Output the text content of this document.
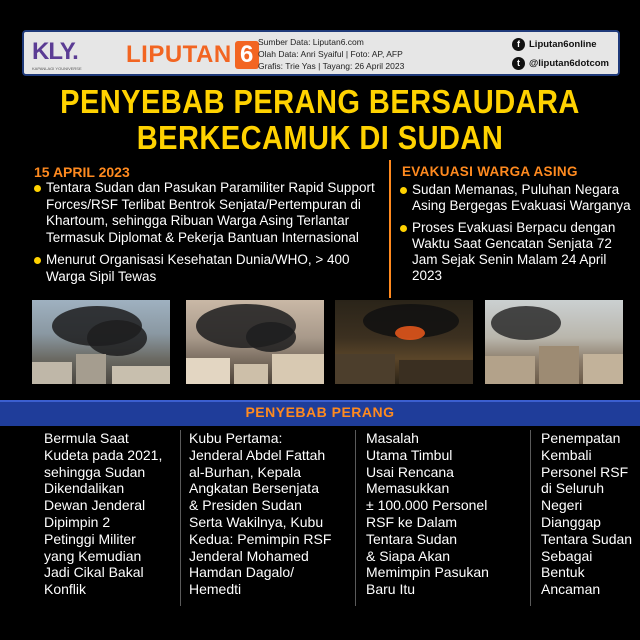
KLY.
KAPANLAGI YOUNIVERSE
LIPUTAN 6 Sumber Data: Liputan6.com
Olah Data: Anri Syaiful | Foto: AP, AFP
Grafis: Trie Yas | Tayang: 26 April 2023
f Liputan6online
t @liputan6dotcom
PENYEBAB PERANG BERSAUDARA
BERKECAMUK DI SUDAN
15 APRIL 2023
Tentara Sudan dan Pasukan Paramiliter Rapid Support Forces/RSF Terlibat Bentrok Senjata/Pertempuran di Khartoum, sehingga Ribuan Warga Asing Terlantar Termasuk Diplomat & Pekerja Bantuan Internasional
Menurut Organisasi Kesehatan Dunia/WHO, > 400 Warga Sipil Tewas
EVAKUASI WARGA ASING
Sudan Memanas, Puluhan Negara Asing Bergegas Evakuasi Warganya
Proses Evakuasi Berpacu dengan Waktu Saat Gencatan Senjata 72 Jam Sejak Senin Malam 24 April 2023
PENYEBAB PERANG
Bermula Saat
Kudeta pada 2021,
sehingga Sudan
Dikendalikan
Dewan Jenderal
Dipimpin 2
Petinggi Militer
yang Kemudian
Jadi Cikal Bakal
Konflik
Kubu Pertama:
Jenderal Abdel Fattah
al-Burhan, Kepala
Angkatan Bersenjata
& Presiden Sudan
Serta Wakilnya, Kubu
Kedua: Pemimpin RSF
Jenderal Mohamed
Hamdan Dagalo/
Hemedti
Masalah
Utama Timbul
Usai Rencana
Memasukkan
± 100.000 Personel
RSF ke Dalam
Tentara Sudan
& Siapa Akan
Memimpin Pasukan
Baru Itu
Penempatan
Kembali
Personel RSF
di Seluruh
Negeri
Dianggap
Tentara Sudan
Sebagai
Bentuk
Ancaman
